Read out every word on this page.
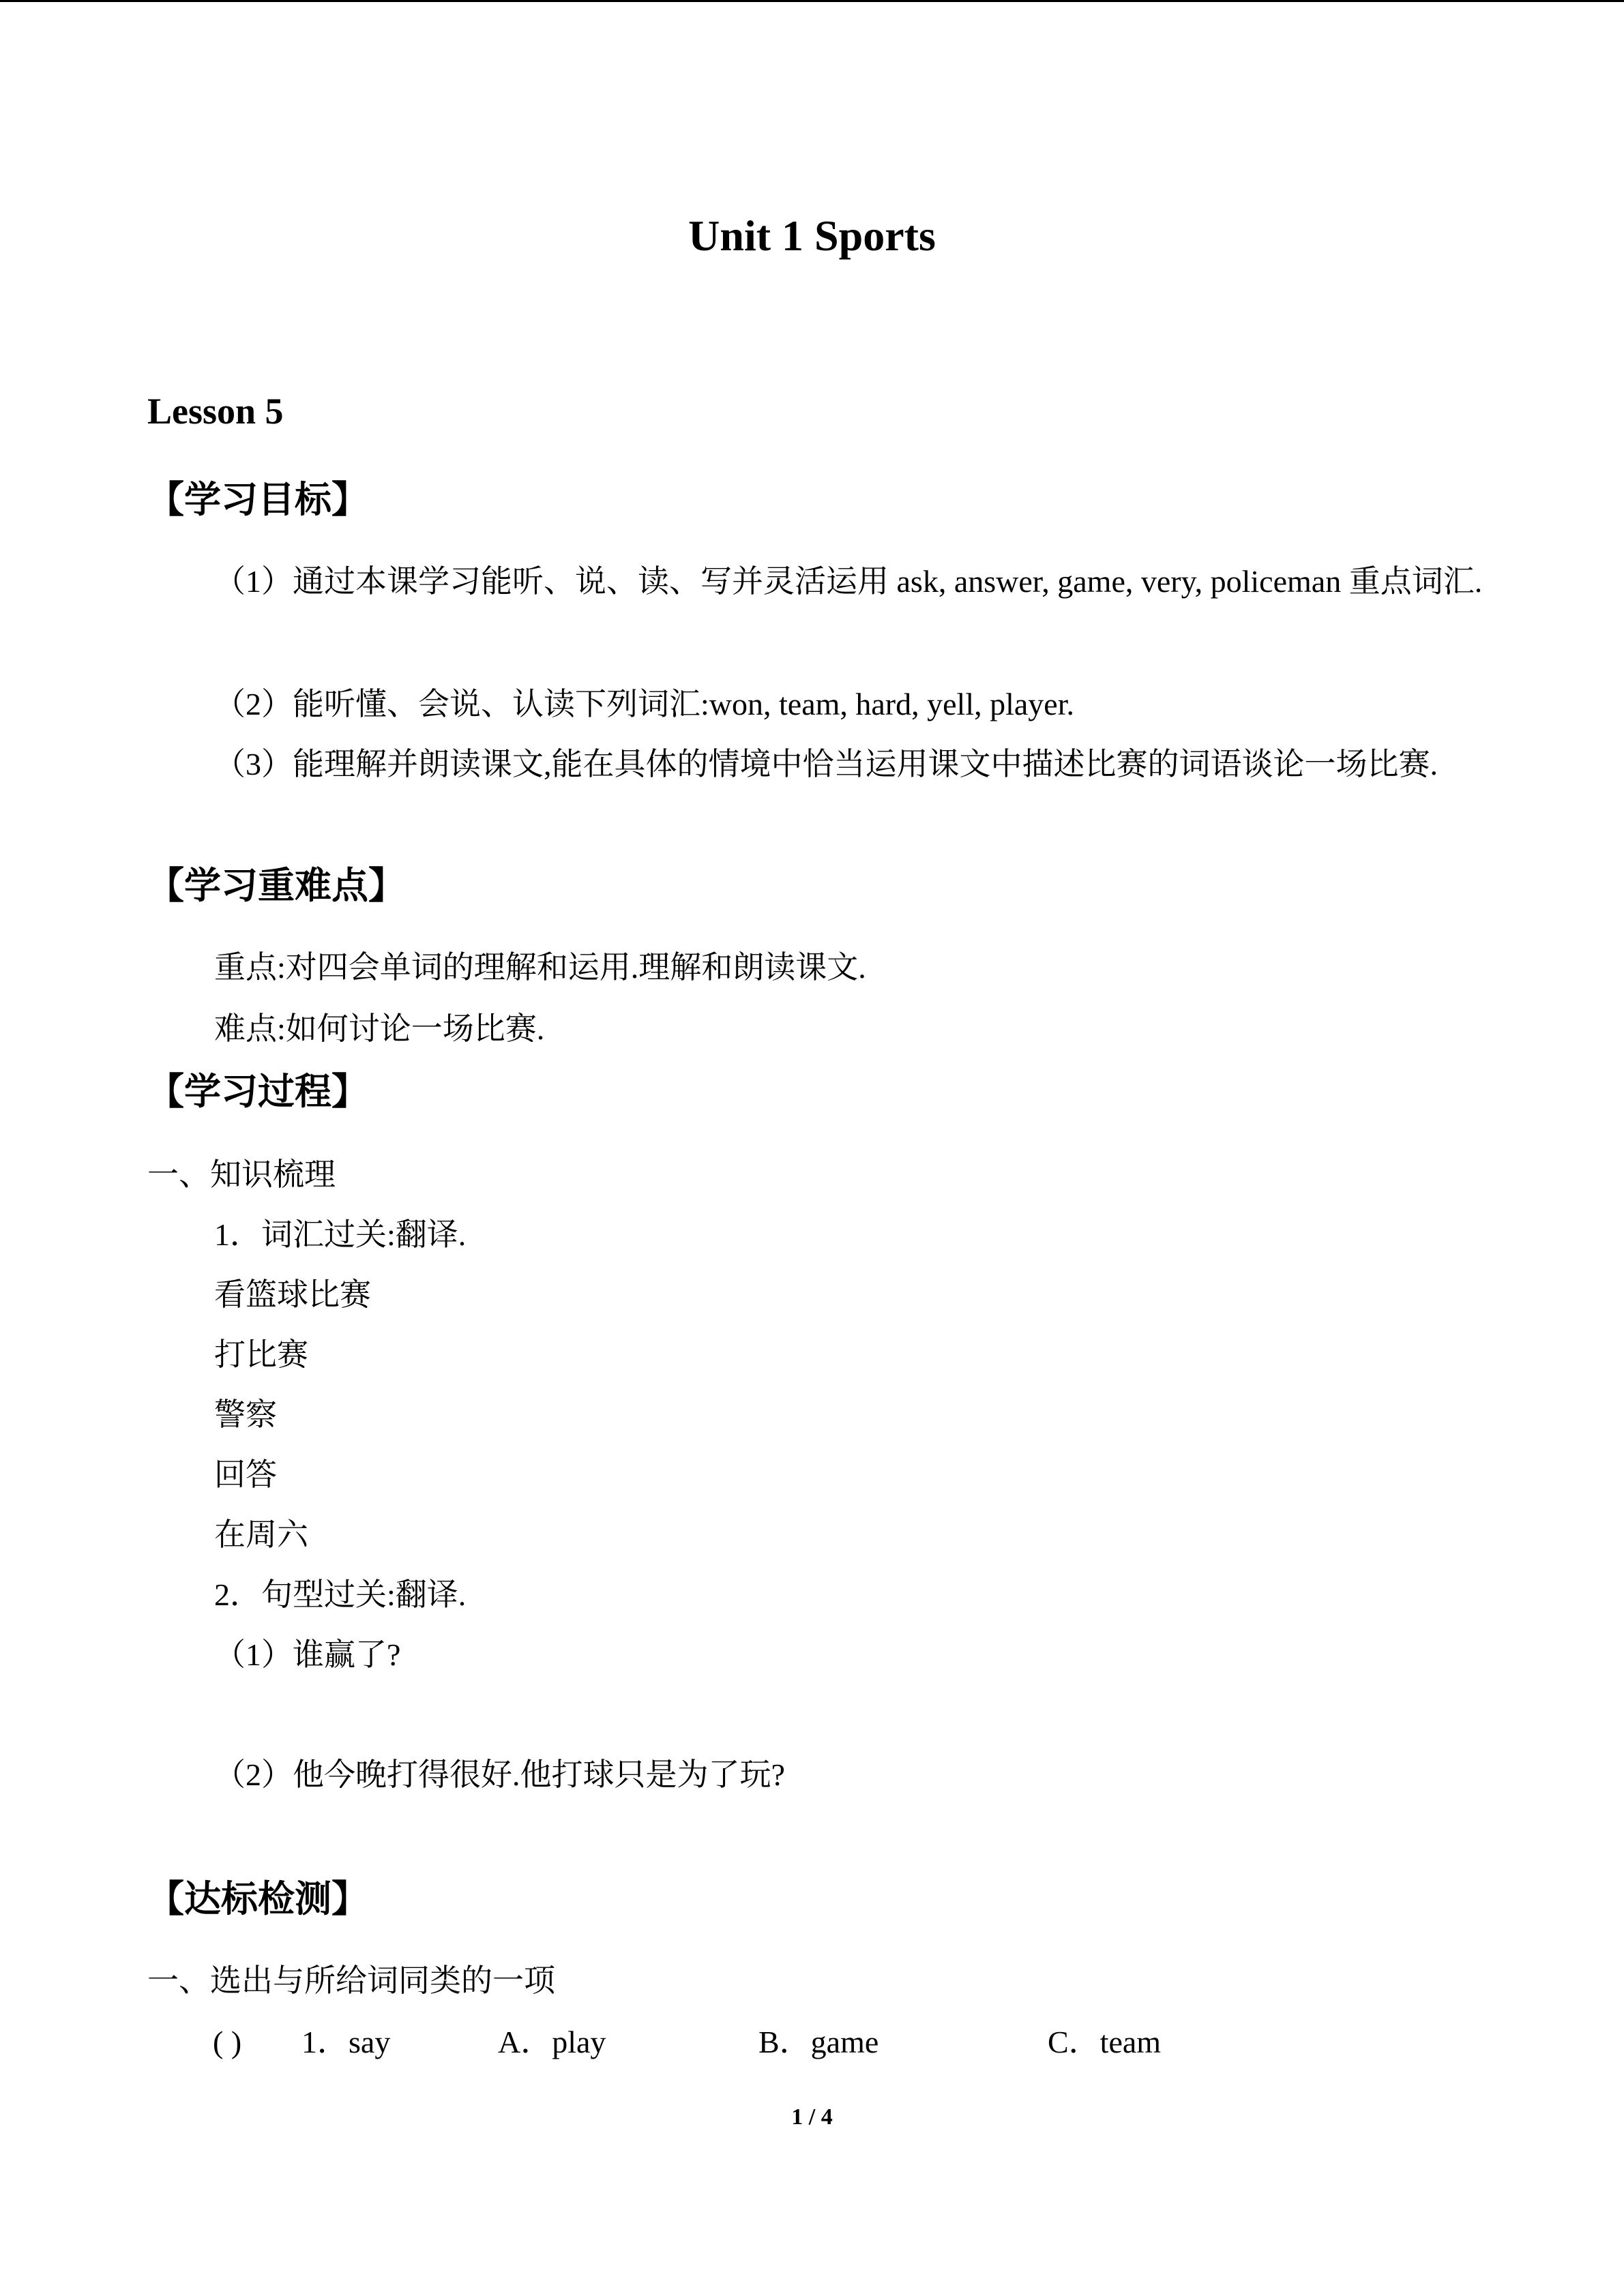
Unit 1 Sports
Lesson 5
【学习目标】
（1）通过本课学习能听、说、读、写并灵活运用 ask, answer, game, very, policeman 重点词汇.
（2）能听懂、会说、认读下列词汇:won, team, hard, yell, player.
（3）能理解并朗读课文,能在具体的情境中恰当运用课文中描述比赛的词语谈论一场比赛.
【学习重难点】
重点:对四会单词的理解和运用.理解和朗读课文.
难点:如何讨论一场比赛.
【学习过程】
一、知识梳理
1．词汇过关:翻译.
看篮球比赛
打比赛
警察
回答
在周六
2．句型过关:翻译.
（1）谁赢了?
（2）他今晚打得很好.他打球只是为了玩?
【达标检测】
一、选出与所给词同类的一项
( ) 1．say	A．play	B．game	C．team
1 / 4
